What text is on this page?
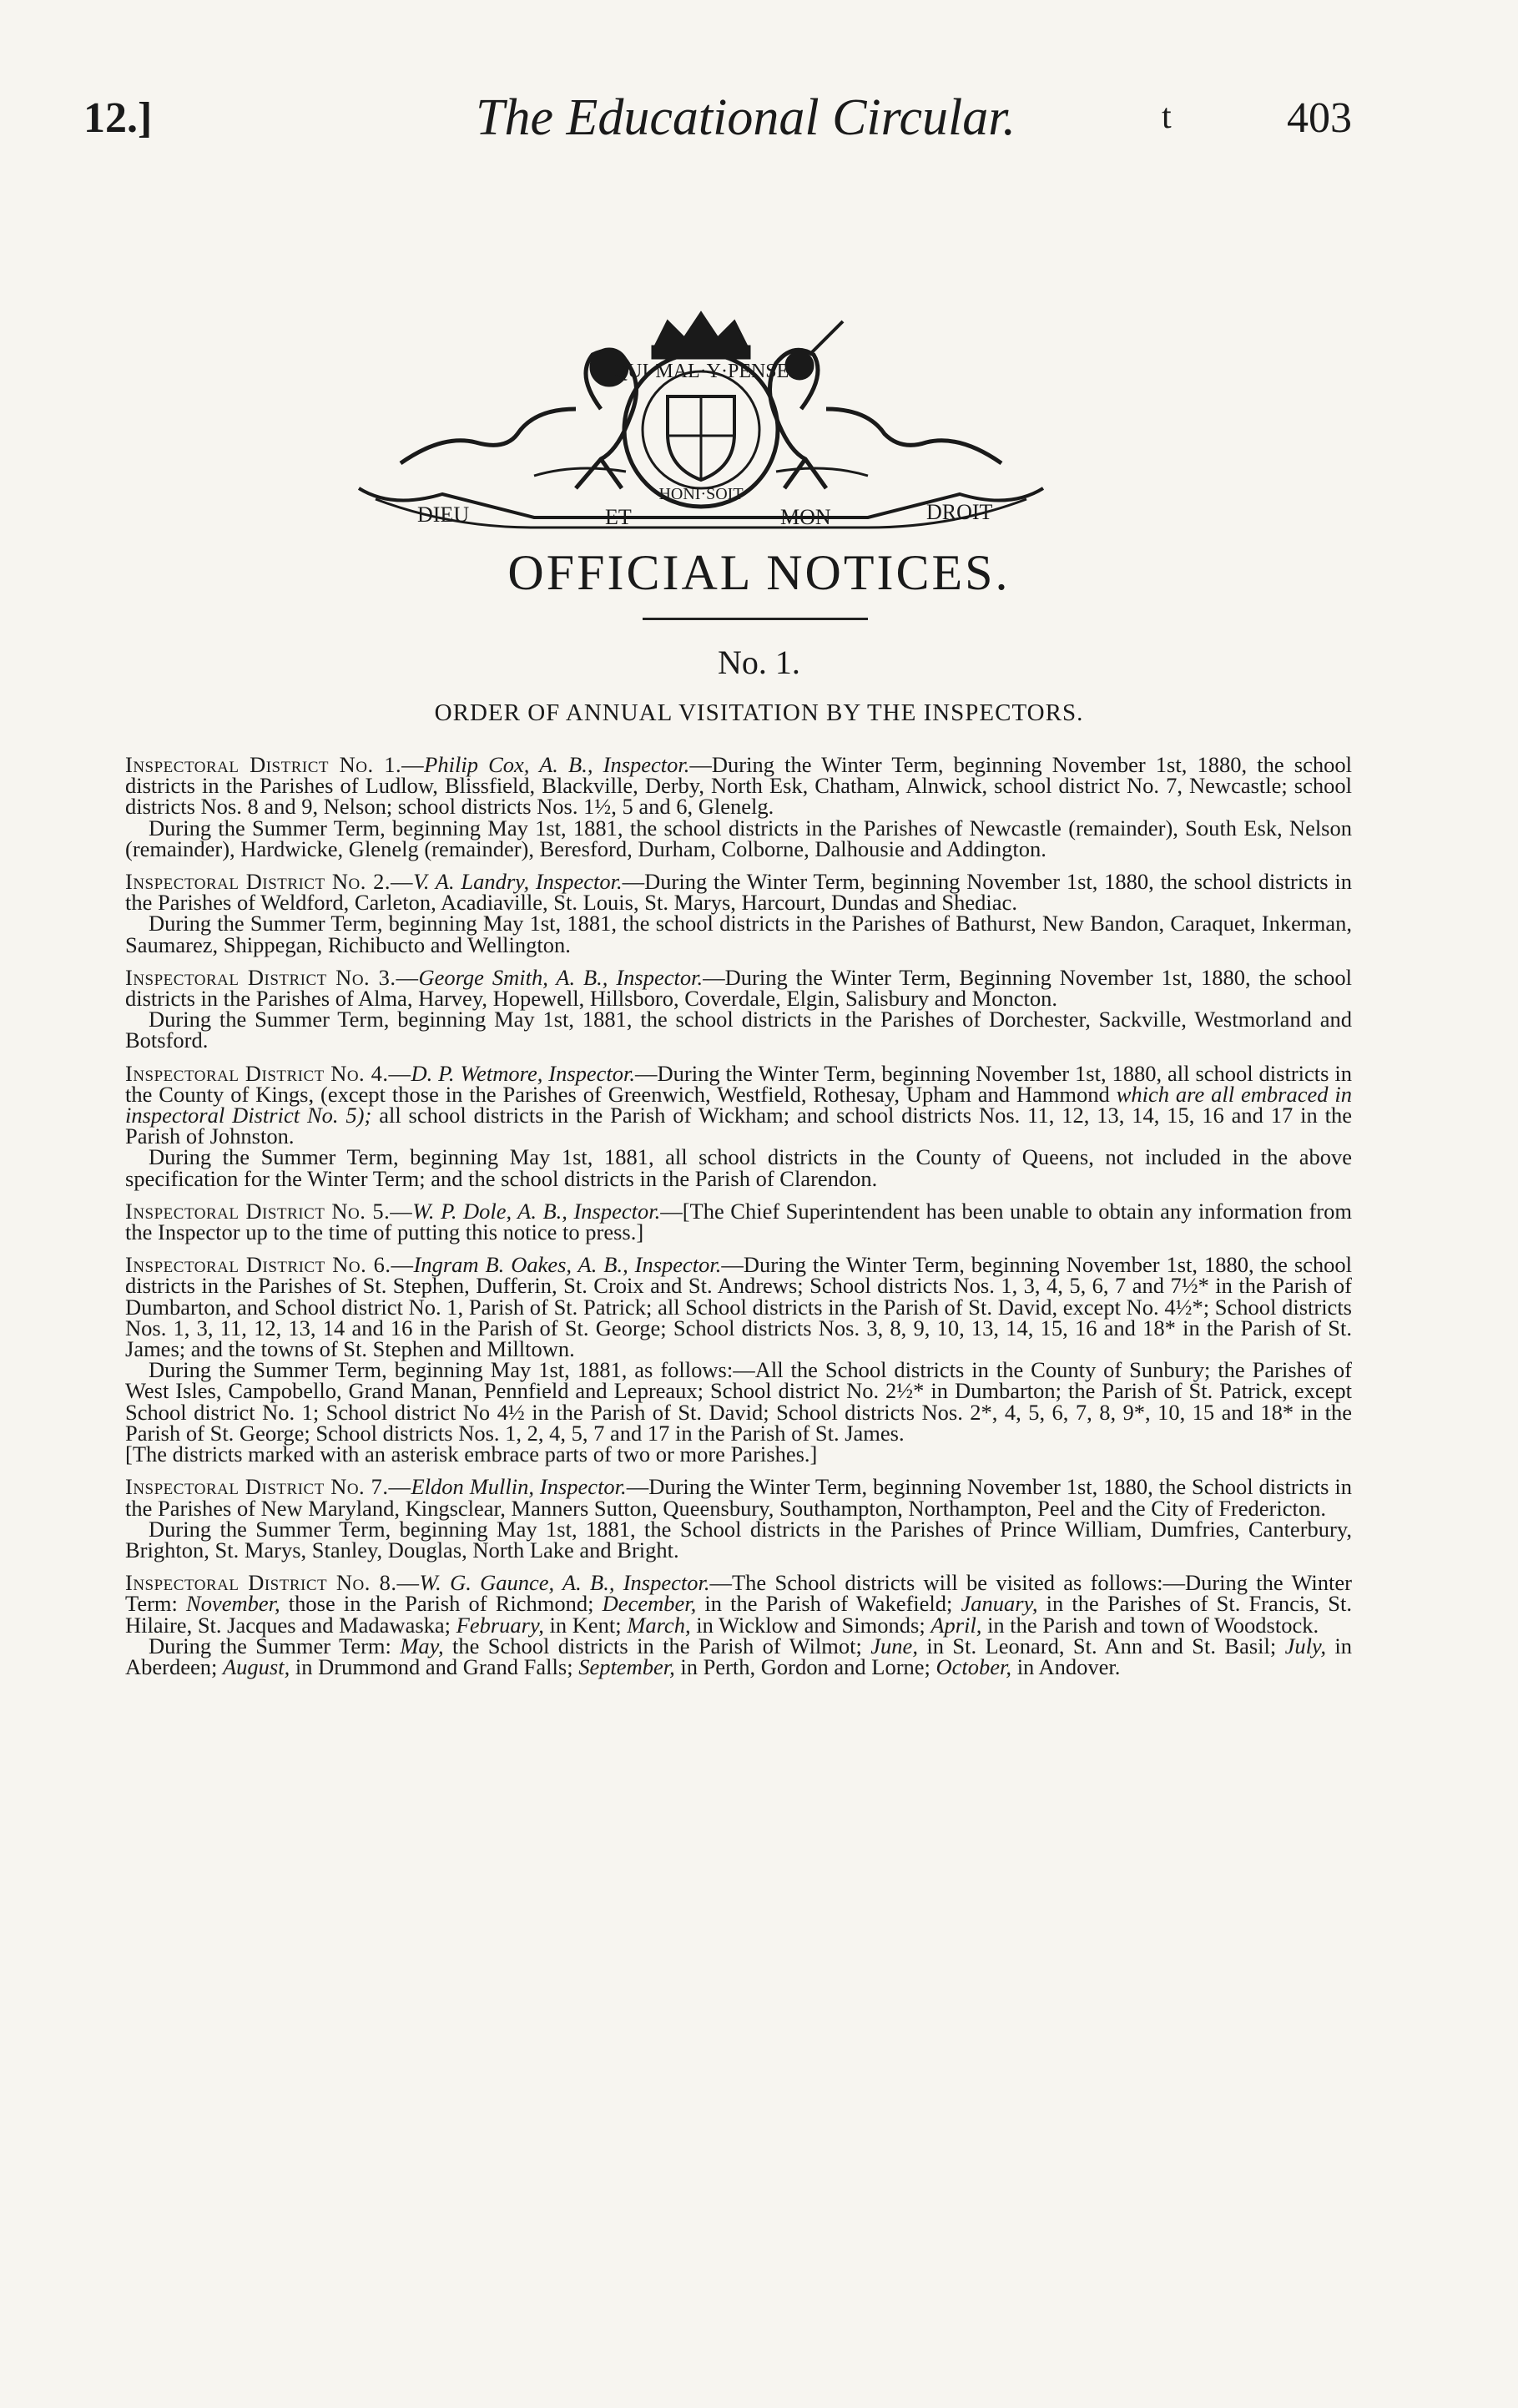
12.]	The Educational Circular.	t	403
QUI·MAL·Y·PENSE
HONI·SOIT
DIEU	ET	MON	DROIT
OFFICIAL NOTICES.
No. 1.
ORDER OF ANNUAL VISITATION BY THE INSPECTORS.

Inspectoral District No. 1.—Philip Cox, A. B., Inspector.—During the Winter Term, beginning November 1st, 1880, the school districts in the Parishes of Ludlow, Blissfield, Blackville, Derby, North Esk, Chatham, Alnwick, school district No. 7, Newcastle; school districts Nos. 8 and 9, Nelson; school districts Nos. 1½, 5 and 6, Glenelg.

During the Summer Term, beginning May 1st, 1881, the school districts in the Parishes of Newcastle (remainder), South Esk, Nelson (remainder), Hardwicke, Glenelg (remainder), Beresford, Durham, Colborne, Dalhousie and Addington.

Inspectoral District No. 2.—V. A. Landry, Inspector.—During the Winter Term, beginning November 1st, 1880, the school districts in the Parishes of Weldford, Carleton, Acadiaville, St. Louis, St. Marys, Harcourt, Dundas and Shediac.

During the Summer Term, beginning May 1st, 1881, the school districts in the Parishes of Bathurst, New Bandon, Caraquet, Inkerman, Saumarez, Shippegan, Richibucto and Wellington.

Inspectoral District No. 3.—George Smith, A. B., Inspector.—During the Winter Term, Beginning November 1st, 1880, the school districts in the Parishes of Alma, Harvey, Hopewell, Hillsboro, Coverdale, Elgin, Salisbury and Moncton.

During the Summer Term, beginning May 1st, 1881, the school districts in the Parishes of Dorchester, Sackville, Westmorland and Botsford.

Inspectoral District No. 4.—D. P. Wetmore, Inspector.—During the Winter Term, beginning November 1st, 1880, all school districts in the County of Kings, (except those in the Parishes of Greenwich, Westfield, Rothesay, Upham and Hammond which are all embraced in inspectoral District No. 5); all school districts in the Parish of Wickham; and school districts Nos. 11, 12, 13, 14, 15, 16 and 17 in the Parish of Johnston.

During the Summer Term, beginning May 1st, 1881, all school districts in the County of Queens, not included in the above specification for the Winter Term; and the school districts in the Parish of Clarendon.

Inspectoral District No. 5.—W. P. Dole, A. B., Inspector.—[The Chief Superintendent has been unable to obtain any information from the Inspector up to the time of putting this notice to press.]

Inspectoral District No. 6.—Ingram B. Oakes, A. B., Inspector.—During the Winter Term, beginning November 1st, 1880, the school districts in the Parishes of St. Stephen, Dufferin, St. Croix and St. Andrews; School districts Nos. 1, 3, 4, 5, 6, 7 and 7½* in the Parish of Dumbarton, and School district No. 1, Parish of St. Patrick; all School districts in the Parish of St. David, except No. 4½*; School districts Nos. 1, 3, 11, 12, 13, 14 and 16 in the Parish of St. George; School districts Nos. 3, 8, 9, 10, 13, 14, 15, 16 and 18* in the Parish of St. James; and the towns of St. Stephen and Milltown.

During the Summer Term, beginning May 1st, 1881, as follows:—All the School districts in the County of Sunbury; the Parishes of West Isles, Campobello, Grand Manan, Pennfield and Lepreaux; School district No. 2½* in Dumbarton; the Parish of St. Patrick, except School district No. 1; School district No 4½ in the Parish of St. David; School districts Nos. 2*, 4, 5, 6, 7, 8, 9*, 10, 15 and 18* in the Parish of St. George; School districts Nos. 1, 2, 4, 5, 7 and 17 in the Parish of St. James.

[The districts marked with an asterisk embrace parts of two or more Parishes.]

Inspectoral District No. 7.—Eldon Mullin, Inspector.—During the Winter Term, beginning November 1st, 1880, the School districts in the Parishes of New Maryland, Kingsclear, Manners Sutton, Queensbury, Southampton, Northampton, Peel and the City of Fredericton.

During the Summer Term, beginning May 1st, 1881, the School districts in the Parishes of Prince William, Dumfries, Canterbury, Brighton, St. Marys, Stanley, Douglas, North Lake and Bright.

Inspectoral District No. 8.—W. G. Gaunce, A. B., Inspector.—The School districts will be visited as follows:—During the Winter Term: November, those in the Parish of Richmond; December, in the Parish of Wakefield; January, in the Parishes of St. Francis, St. Hilaire, St. Jacques and Madawaska; February, in Kent; March, in Wicklow and Simonds; April, in the Parish and town of Woodstock.

During the Summer Term: May, the School districts in the Parish of Wilmot; June, in St. Leonard, St. Ann and St. Basil; July, in Aberdeen; August, in Drummond and Grand Falls; September, in Perth, Gordon and Lorne; October, in Andover.
